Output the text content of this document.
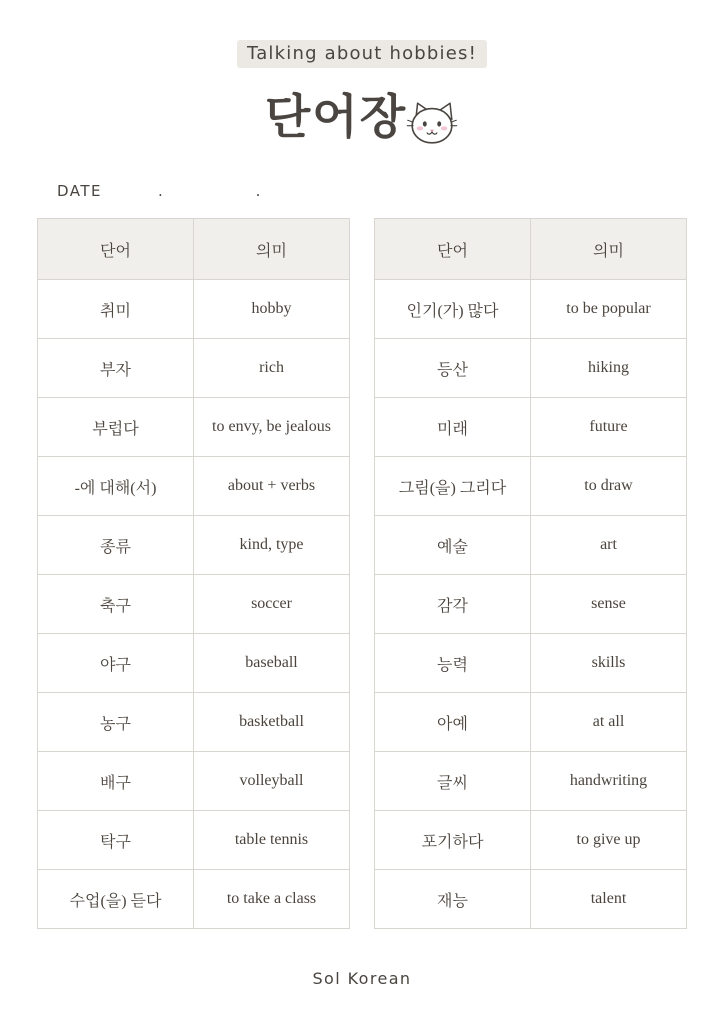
Talking about hobbies!
단어장
DATE	. .
단어	의미
취미	hobby
부자	rich
부럽다	to envy, be jealous
-에 대해(서)	about + verbs
종류	kind, type
축구	soccer
야구	baseball
농구	basketball
배구	volleyball
탁구	table tennis
수업(을) 듣다	to take a class
단어	의미
인기(가) 많다	to be popular
등산	hiking
미래	future
그림(을) 그리다	to draw
예술	art
감각	sense
능력	skills
아예	at all
글씨	handwriting
포기하다	to give up
재능	talent
Sol Korean
